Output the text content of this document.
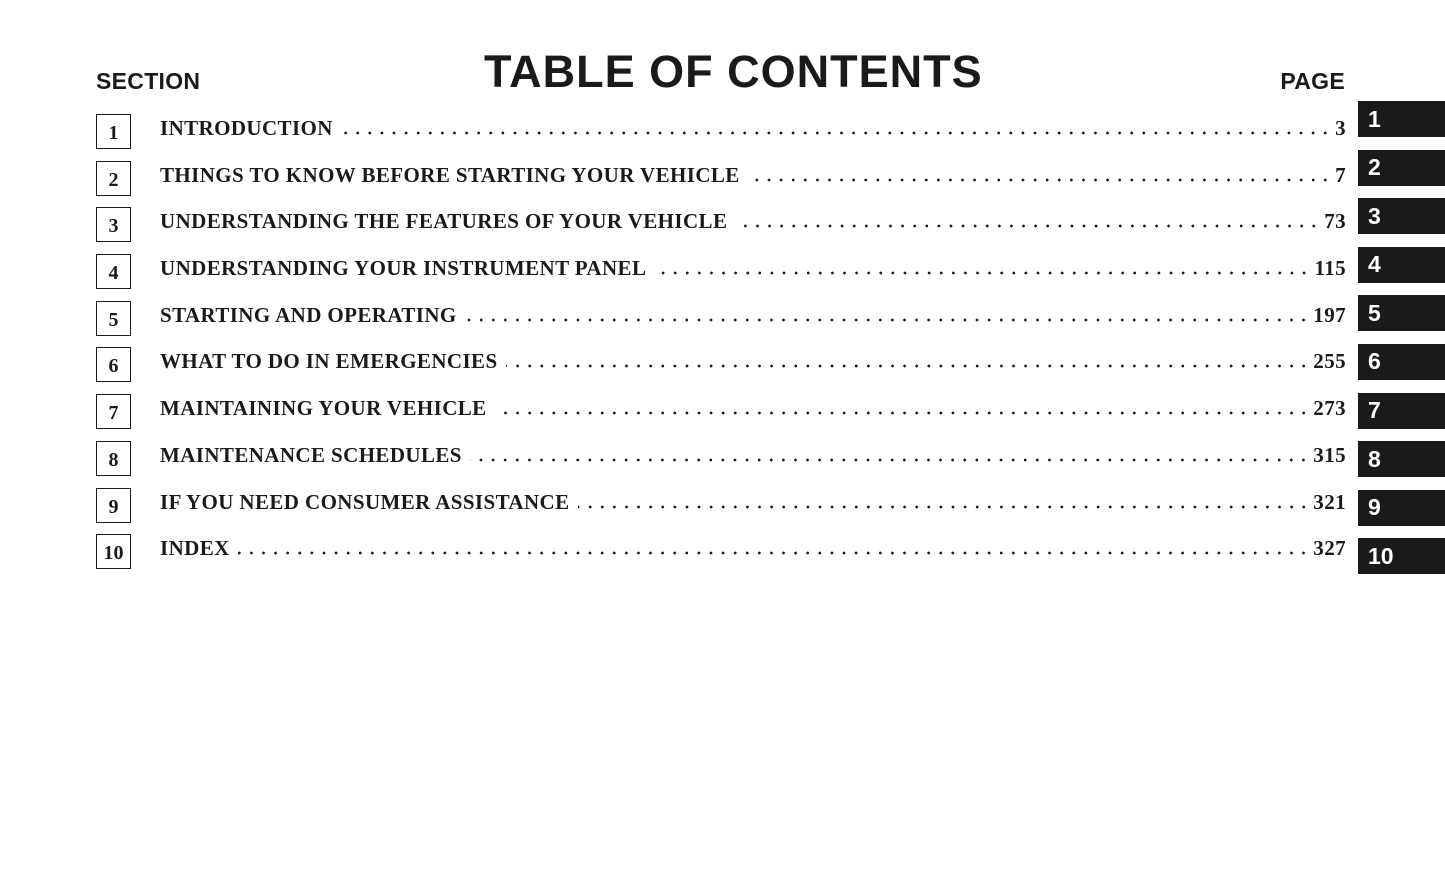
SECTION	TABLE OF CONTENTS	PAGE
1	INTRODUCTION	3
2	THINGS TO KNOW BEFORE STARTING YOUR VEHICLE	7
3	UNDERSTANDING THE FEATURES OF YOUR VEHICLE	73
4	UNDERSTANDING YOUR INSTRUMENT PANEL	115
5	STARTING AND OPERATING	197
6	WHAT TO DO IN EMERGENCIES	255
7	MAINTAINING YOUR VEHICLE	273
8	MAINTENANCE SCHEDULES	315
9	IF YOU NEED CONSUMER ASSISTANCE	321
10	INDEX	327
1
2
3
4
5
6
7
8
9
10
